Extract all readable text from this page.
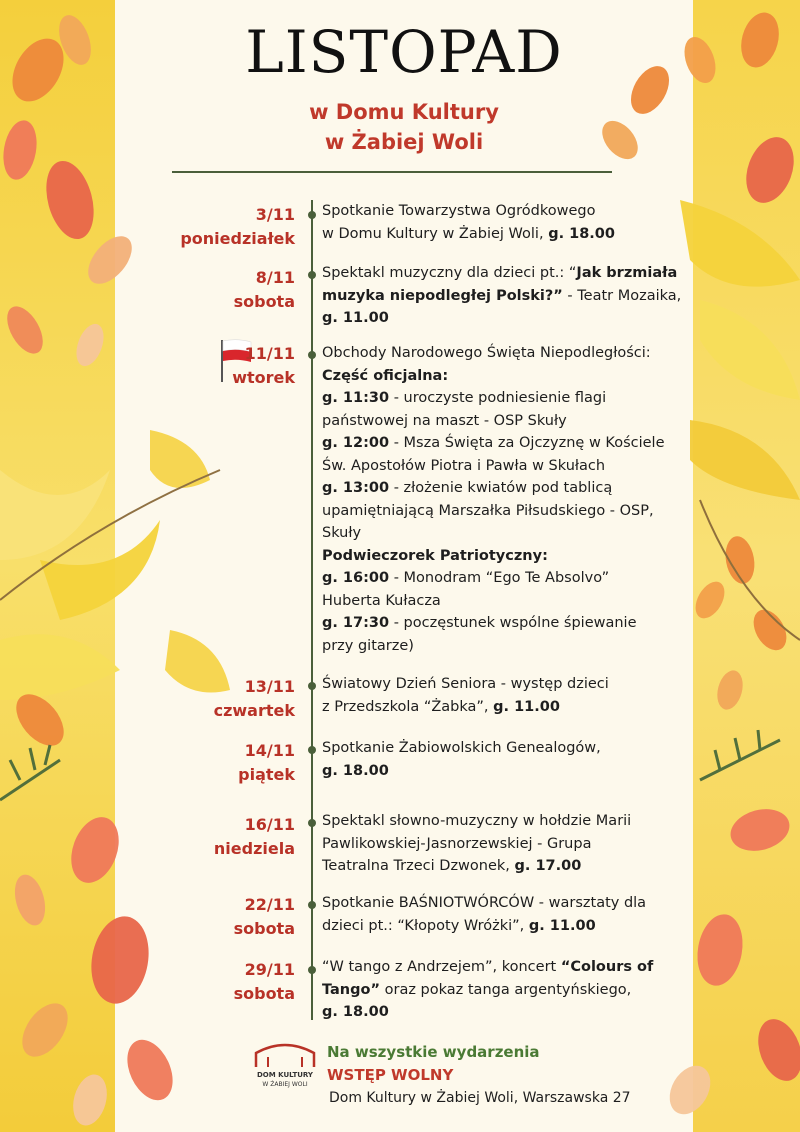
LISTOPAD
w Domu Kultury
w Żabiej Woli
3/11
poniedziałek
Spotkanie Towarzystwa Ogródkowego
w Domu Kultury w Żabiej Woli, g. 18.00
8/11
sobota
Spektakl muzyczny dla dzieci pt.: “Jak brzmiała
muzyka niepodległej Polski?” - Teatr Mozaika,
g. 11.00
11/11
wtorek
Obchody Narodowego Święta Niepodległości:
Część oficjalna:
g. 11:30 - uroczyste podniesienie flagi
państwowej na maszt - OSP Skuły
g. 12:00 - Msza Święta za Ojczyznę w Kościele
Św. Apostołów Piotra i Pawła w Skułach
g. 13:00 - złożenie kwiatów pod tablicą
upamiętniającą Marszałka Piłsudskiego - OSP,
Skuły
Podwieczorek Patriotyczny:
g. 16:00 - Monodram “Ego Te Absolvo”
Huberta Kułacza
g. 17:30 - poczęstunek wspólne śpiewanie
przy gitarze)
13/11
czwartek
Światowy Dzień Seniora - występ dzieci
z Przedszkola “Żabka”, g. 11.00
14/11
piątek
Spotkanie Żabiowolskich Genealogów,
g. 18.00
16/11
niedziela
Spektakl słowno-muzyczny w hołdzie Marii
Pawlikowskiej-Jasnorzewskiej - Grupa
Teatralna Trzeci Dzwonek, g. 17.00
22/11
sobota
Spotkanie BAŚNIOTWÓRCÓW - warsztaty dla
dzieci pt.: “Kłopoty Wróżki”, g. 11.00
29/11
sobota
“W tango z Andrzejem”, koncert “Colours of
Tango” oraz pokaz tanga argentyńskiego,
g. 18.00
DOM KULTURY
W ŻABIEJ WOLI
Na wszystkie wydarzenia
WSTĘP WOLNY
Dom Kultury w Żabiej Woli, Warszawska 27
